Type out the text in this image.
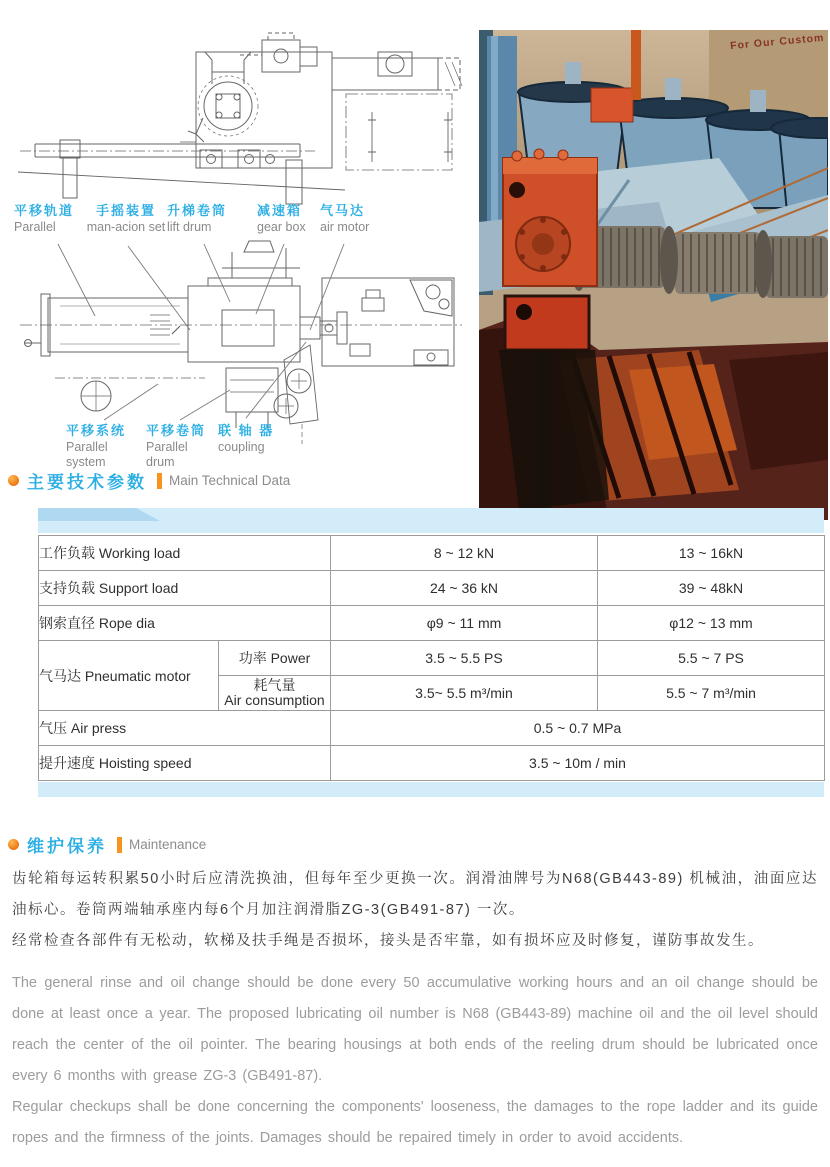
平移轨道
Parallel
手摇装置
man-acion set
升梯卷筒
lift drum
减速箱
gear box
气马达
air motor
平移系统
Parallel system
平移卷筒
Parallel drum
联 轴 器
coupling
For Our Custom
主要技术参数 Main Technical Data
工作负载 Working load		8 ~ 12 kN	13 ~ 16kN
支持负载 Support load		24 ~ 36 kN	39 ~ 48kN
钢索直径 Rope dia		φ9 ~ 11 mm	φ12 ~ 13 mm
气马达 Pneumatic motor	功率 Power	3.5 ~ 5.5 PS	5.5 ~ 7 PS

	耗气量
Air consumption	3.5~ 5.5 m³/min	5.5 ~ 7 m³/min
气压 Air press		0.5 ~ 0.7 MPa	
提升速度 Hoisting speed		3.5 ~ 10m / min	
维护保养 Maintenance

齿轮箱每运转积累50小时后应清洗换油，但每年至少更换一次。润滑油牌号为N68(GB443-89) 机械油，油面应达油标心。卷筒两端轴承座内每6个月加注润滑脂ZG-3(GB491-87) 一次。

经常检查各部件有无松动，软梯及扶手绳是否损坏，接头是否牢靠，如有损坏应及时修复，谨防事故发生。

The general rinse and oil change should be done every 50 accumulative working hours and an oil change should be done at least once a year. The proposed lubricating oil number is N68 (GB443-89) machine oil and the oil level should reach the center of the oil pointer. The bearing housings at both ends of the reeling drum should be lubricated once every 6 months with grease ZG-3 (GB491-87).

Regular checkups shall be done concerning the components' looseness, the damages to the rope ladder and its guide ropes and the firmness of the joints. Damages should be repaired timely in order to avoid accidents.
